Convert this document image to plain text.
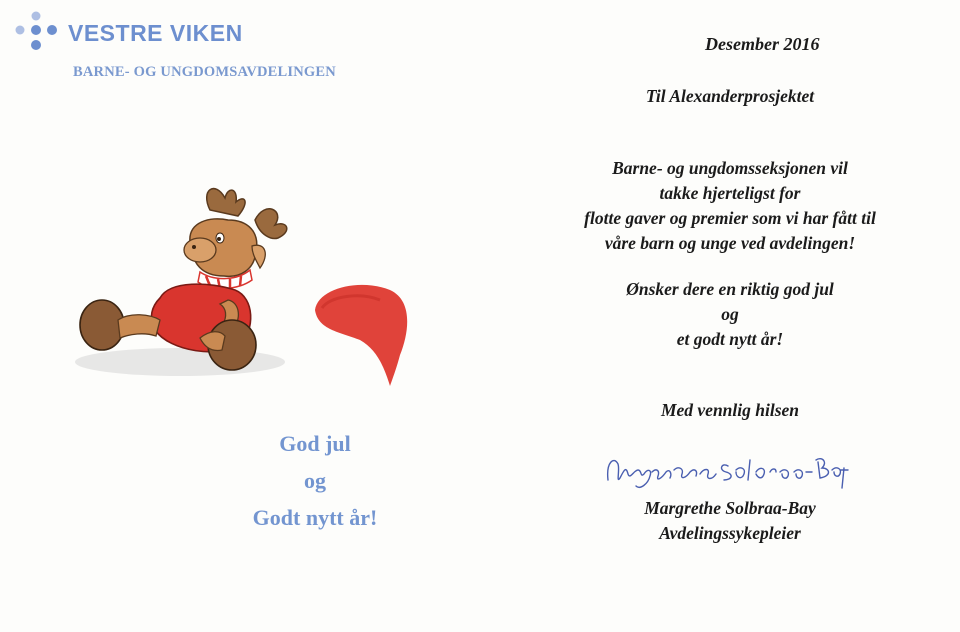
VESTRE VIKEN
BARNE- OG UNGDOMSAVDELINGEN
God jul
og
Godt nytt år!
Desember 2016
Til Alexanderprosjektet
Barne- og ungdomsseksjonen vil
takke hjerteligst for
flotte gaver og premier som vi har fått til
våre barn og unge ved avdelingen!
Ønsker dere en riktig god jul
og
et godt nytt år!
Med vennlig hilsen
Margrethe Solbraa-Bay
Avdelingssykepleier
